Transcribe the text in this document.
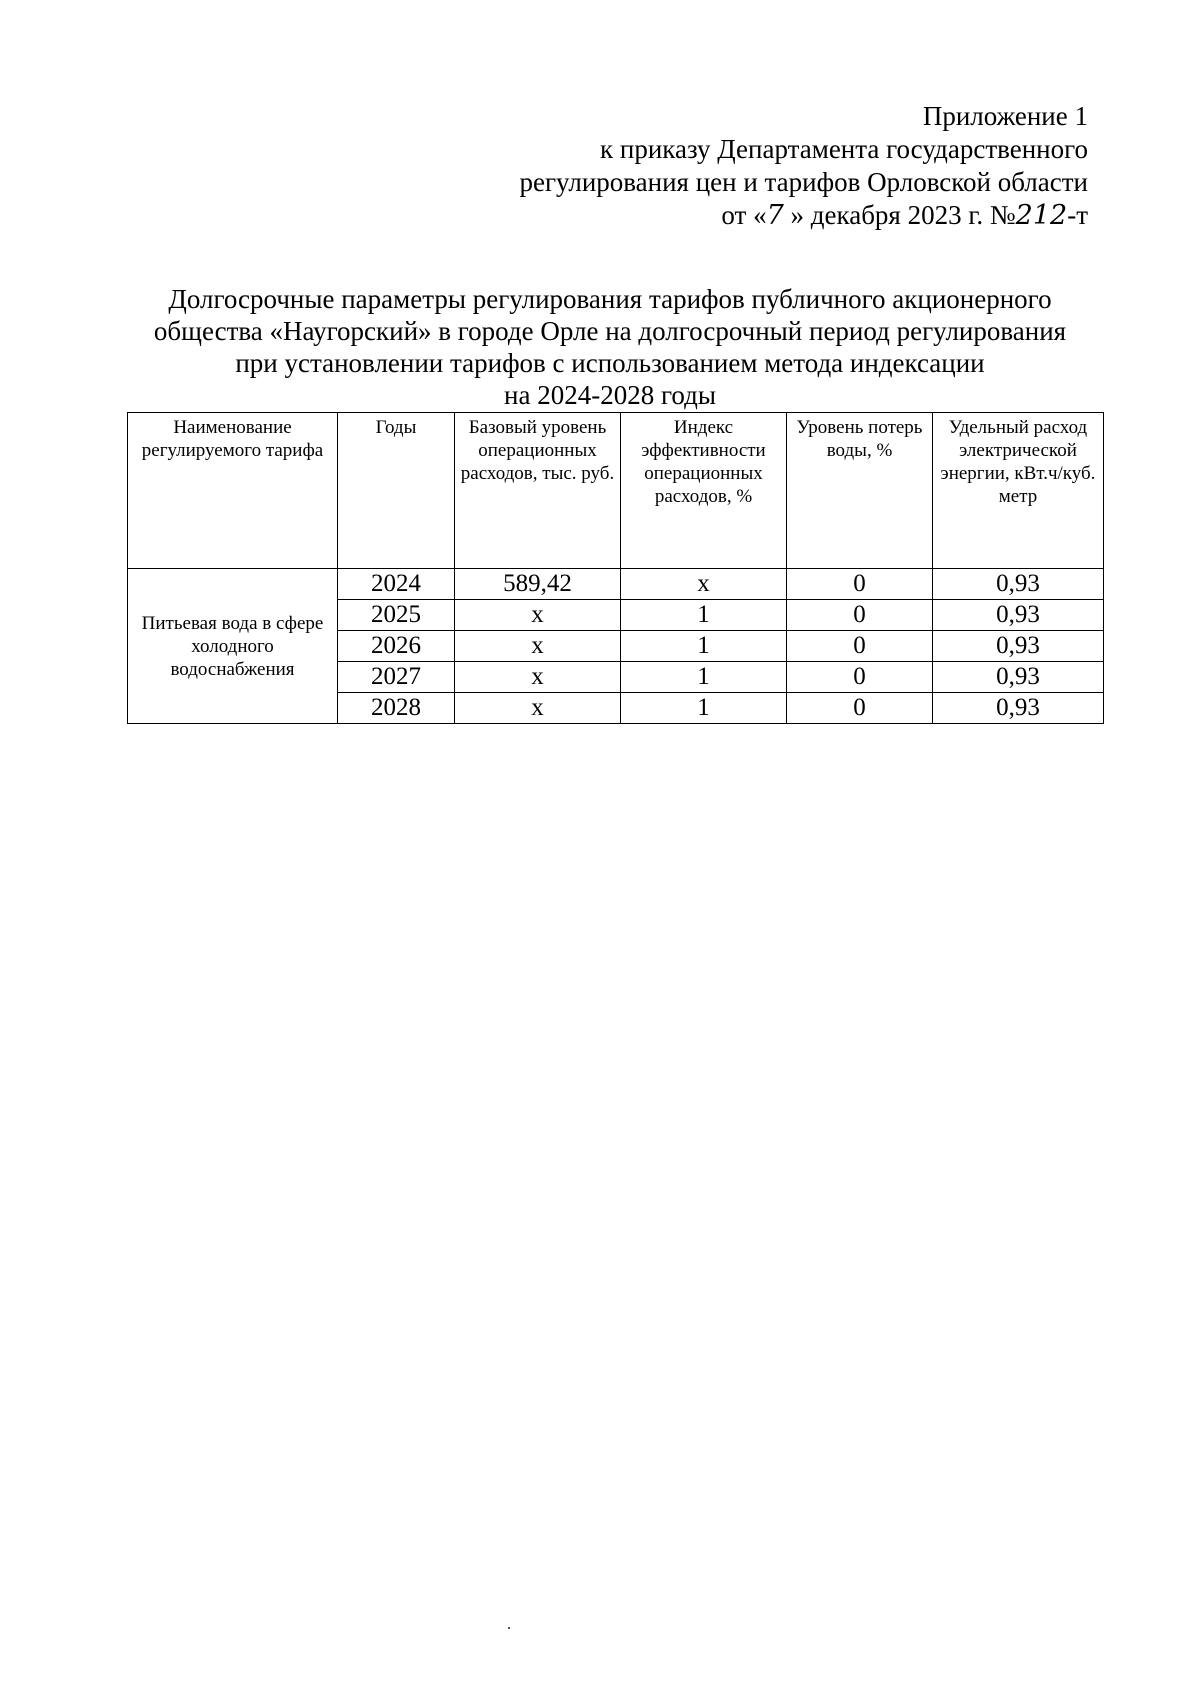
Приложение 1
к приказу Департамента государственного
регулирования цен и тарифов Орловской области
от «7 » декабря 2023 г. №212-т
Долгосрочные параметры регулирования тарифов публичного акционерного
общества «Наугорский» в городе Орле на долгосрочный период регулирования
при установлении тарифов с использованием метода индексации
на 2024-2028 годы
Наименование регулируемого тарифа	Годы	Базовый уровень операционных расходов, тыс. руб.	Индекс эффективности операционных расходов, %	Уровень потерь воды, %	Удельный расход электрической энергии, кВт.ч/куб. метр

Питьевая вода в сфере холодного водоснабжения	2024	589,42	х	0	0,93
	2025	х	1	0	0,93
	2026	х	1	0	0,93
	2027	х	1	0	0,93
	2028	х	1	0	0,93
